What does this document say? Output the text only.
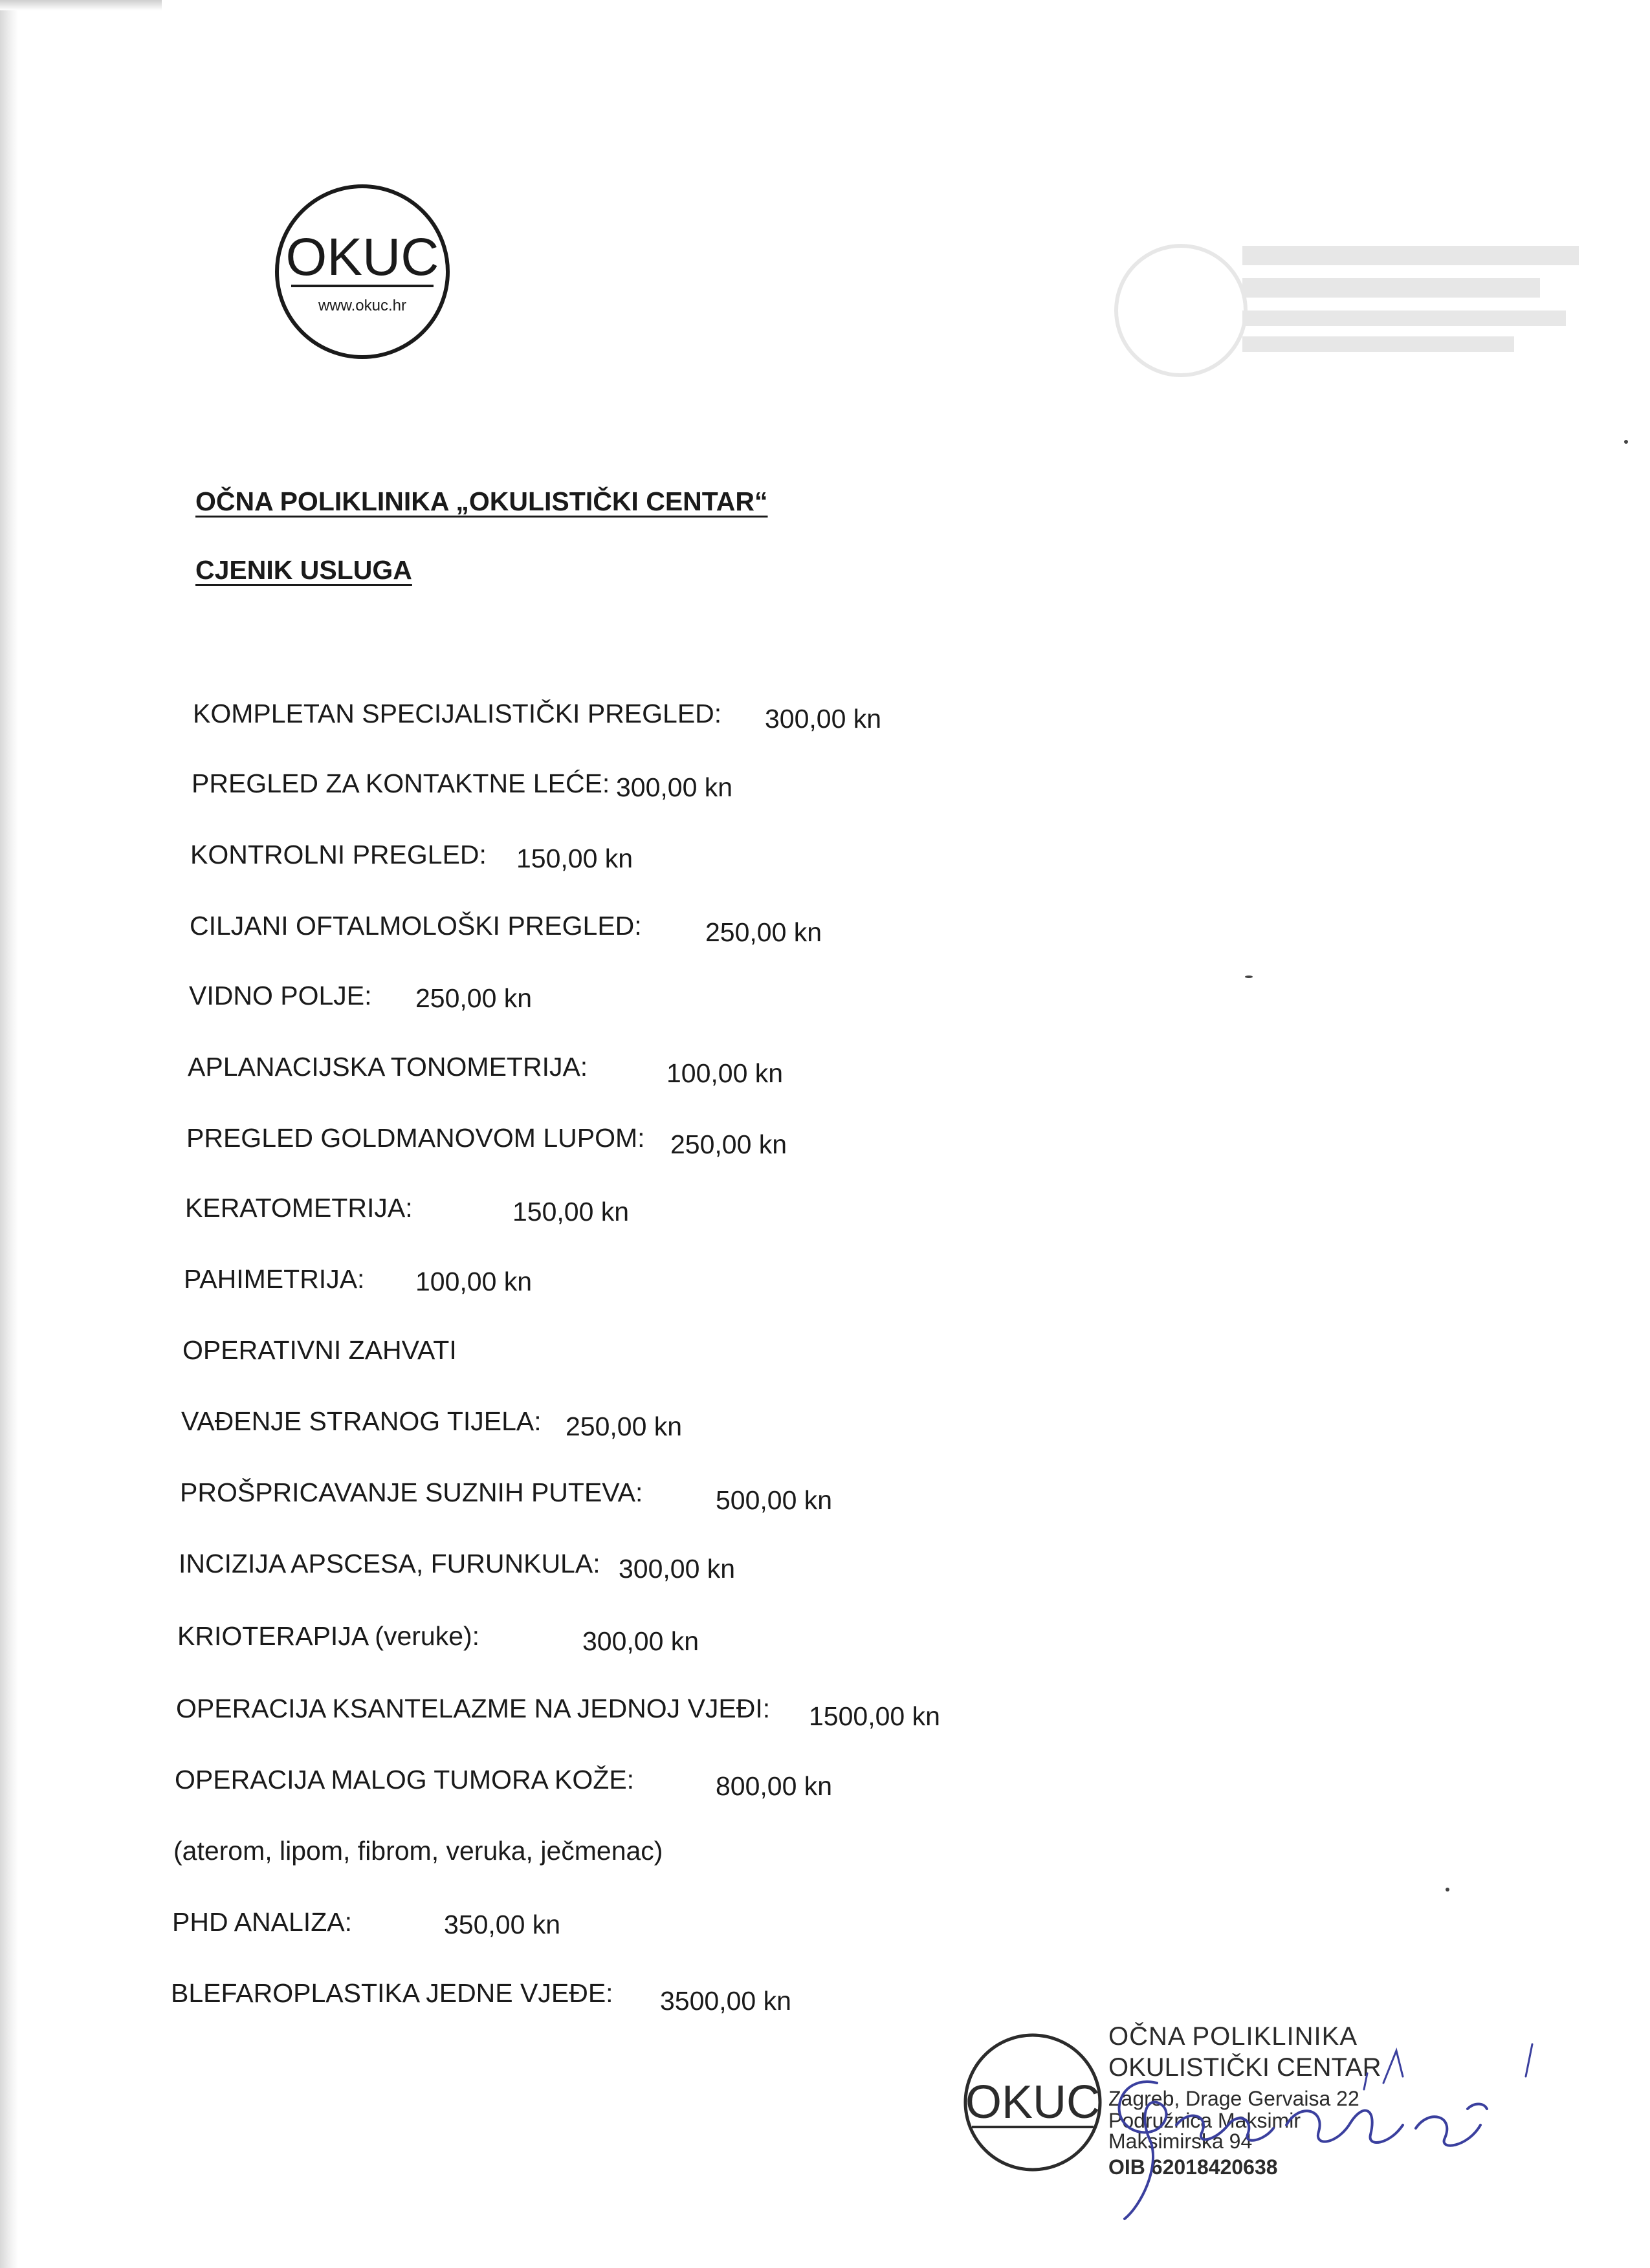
OKUC
www.okuc.hr
OČNA POLIKLINIKA „OKULISTIČKI CENTAR“
CJENIK USLUGA
KOMPLETAN SPECIJALISTIČKI PREGLED: 300,00 kn
PREGLED ZA KONTAKTNE LEĆE: 300,00 kn
KONTROLNI PREGLED: 150,00 kn
CILJANI OFTALMOLOŠKI PREGLED: 250,00 kn
VIDNO POLJE: 250,00 kn
APLANACIJSKA TONOMETRIJA:	100,00 kn
PREGLED GOLDMANOVOM LUPOM: 250,00 kn
KERATOMETRIJA:	150,00 kn
PAHIMETRIJA: 100,00 kn
OPERATIVNI ZAHVATI
VAĐENJE STRANOG TIJELA: 250,00 kn
PROŠPRICAVANJE SUZNIH PUTEVA:	500,00 kn
INCIZIJA APSCESA, FURUNKULA: 300,00 kn
KRIOTERAPIJA (veruke):	300,00 kn
OPERACIJA KSANTELAZME NA JEDNOJ VJEĐI: 1500,00 kn
OPERACIJA MALOG TUMORA KOŽE:	800,00 kn
(aterom, lipom, fibrom, veruka, ječmenac)
PHD ANALIZA:	350,00 kn
BLEFAROPLASTIKA JEDNE VJEĐE: 3500,00 kn
OKUC
OČNA POLIKLINIKA
OKULISTIČKI CENTAR
Zagreb, Drage Gervaisa 22
Podružnica Maksimir
Maksimirska 94
OIB 62018420638
